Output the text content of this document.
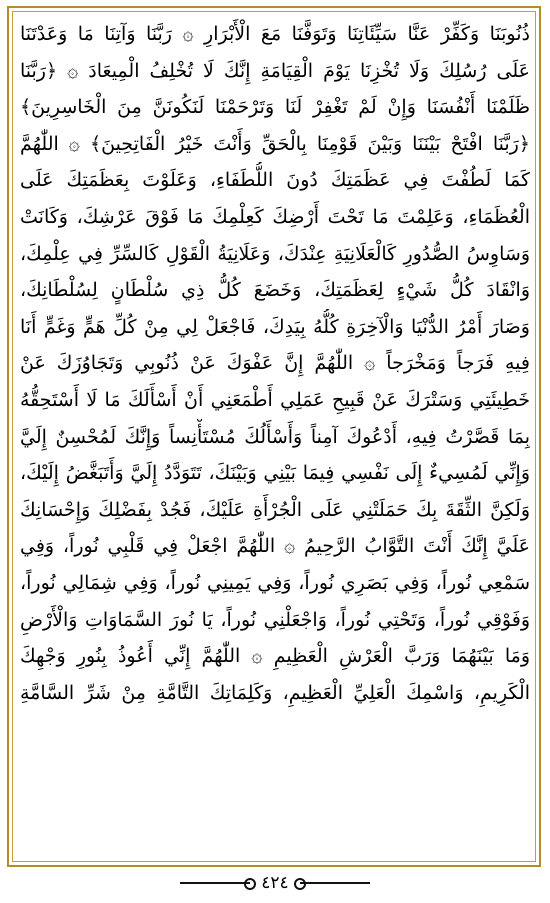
ذُنُوبَنَا وَكَفِّرْ عَنَّا سَيِّئَاتِنَا وَتَوَفَّنَا مَعَ الْأَبْرَارِ ۞ رَبَّنَا وَآتِنَا مَا وَعَدْتَنَا
عَلَى رُسُلِكَ وَلَا تُخْزِنَا يَوْمَ الْقِيَامَةِ إِنَّكَ لَا تُخْلِفُ الْمِيعَادَ ۞ ﴿رَبَّنَا
ظَلَمْنَا أَنْفُسَنَا وَإِنْ لَمْ تَغْفِرْ لَنَا وَتَرْحَمْنَا لَنَكُونَنَّ مِنَ الْخَاسِرِينَ﴾
﴿رَبَّنَا افْتَحْ بَيْنَنَا وَبَيْنَ قَوْمِنَا بِالْحَقِّ وَأَنْتَ خَيْرُ الْفَاتِحِينَ﴾ ۞ اللّٰهُمَّ
كَمَا لَطُفْتَ فِي عَظَمَتِكَ دُونَ اللُّطَفَاءِ، وَعَلَوْتَ بِعَظَمَتِكَ عَلَى
الْعُظَمَاءِ، وَعَلِمْتَ مَا تَحْتَ أَرْضِكَ كَعِلْمِكَ مَا فَوْقَ عَرْشِكَ، وَكَانَتْ
وَسَاوِسُ الصُّدُورِ كَالْعَلَانِيَةِ عِنْدَكَ، وَعَلَانِيَةُ الْقَوْلِ كَالسِّرِّ فِي عِلْمِكَ،
وَانْقَادَ كُلُّ شَيْءٍ لِعَظَمَتِكَ، وَخَضَعَ كُلُّ ذِي سُلْطَانٍ لِسُلْطَانِكَ،
وَصَارَ أَمْرُ الدُّنْيَا وَالْآخِرَةِ كُلُّهُ بِيَدِكَ، فَاجْعَلْ لِي مِنْ كُلِّ هَمٍّ وَغَمٍّ أَنَا
فِيهِ فَرَجاً وَمَخْرَجاً ۞ اللّٰهُمَّ إِنَّ عَفْوَكَ عَنْ ذُنُوبِي وَتَجَاوُزَكَ عَنْ
خَطِيئَتِي وَسَتْرَكَ عَنْ قَبِيحِ عَمَلِي أَطْمَعَنِي أَنْ أَسْأَلَكَ مَا لَا أَسْتَحِقُّهُ
بِمَا قَصَّرْتُ فِيهِ، أَدْعُوكَ آمِناً وَأَسْأَلُكَ مُسْتَأْنِساً وَإِنَّكَ لَمُحْسِنٌ إِلَيَّ
وَإِنِّي لَمُسِيءٌ إِلَى نَفْسِي فِيمَا بَيْنِي وَبَيْنَكَ، تَتَوَدَّدُ إِلَيَّ وَأَتَبَغَّضُ إِلَيْكَ،
وَلَكِنَّ الثِّقَةَ بِكَ حَمَلَتْنِي عَلَى الْجُرْأَةِ عَلَيْكَ، فَجُدْ بِفَضْلِكَ وَإِحْسَانِكَ
عَلَيَّ إِنَّكَ أَنْتَ التَّوَّابُ الرَّحِيمُ ۞ اللّٰهُمَّ اجْعَلْ فِي قَلْبِي نُوراً، وَفِي
سَمْعِي نُوراً، وَفِي بَصَرِي نُوراً، وَفِي يَمِينِي نُوراً، وَفِي شِمَالِي نُوراً،
وَفَوْقِي نُوراً، وَتَحْتِي نُوراً، وَاجْعَلْنِي نُوراً، يَا نُورَ السَّمَاوَاتِ وَالْأَرْضِ
وَمَا بَيْنَهُمَا وَرَبَّ الْعَرْشِ الْعَظِيمِ ۞ اللّٰهُمَّ إِنِّي أَعُوذُ بِنُورِ وَجْهِكَ
الْكَرِيمِ، وَاسْمِكَ الْعَلِيِّ الْعَظِيمِ، وَكَلِمَاتِكَ التَّامَّةِ مِنْ شَرِّ السَّامَّةِ
٤٢٤
